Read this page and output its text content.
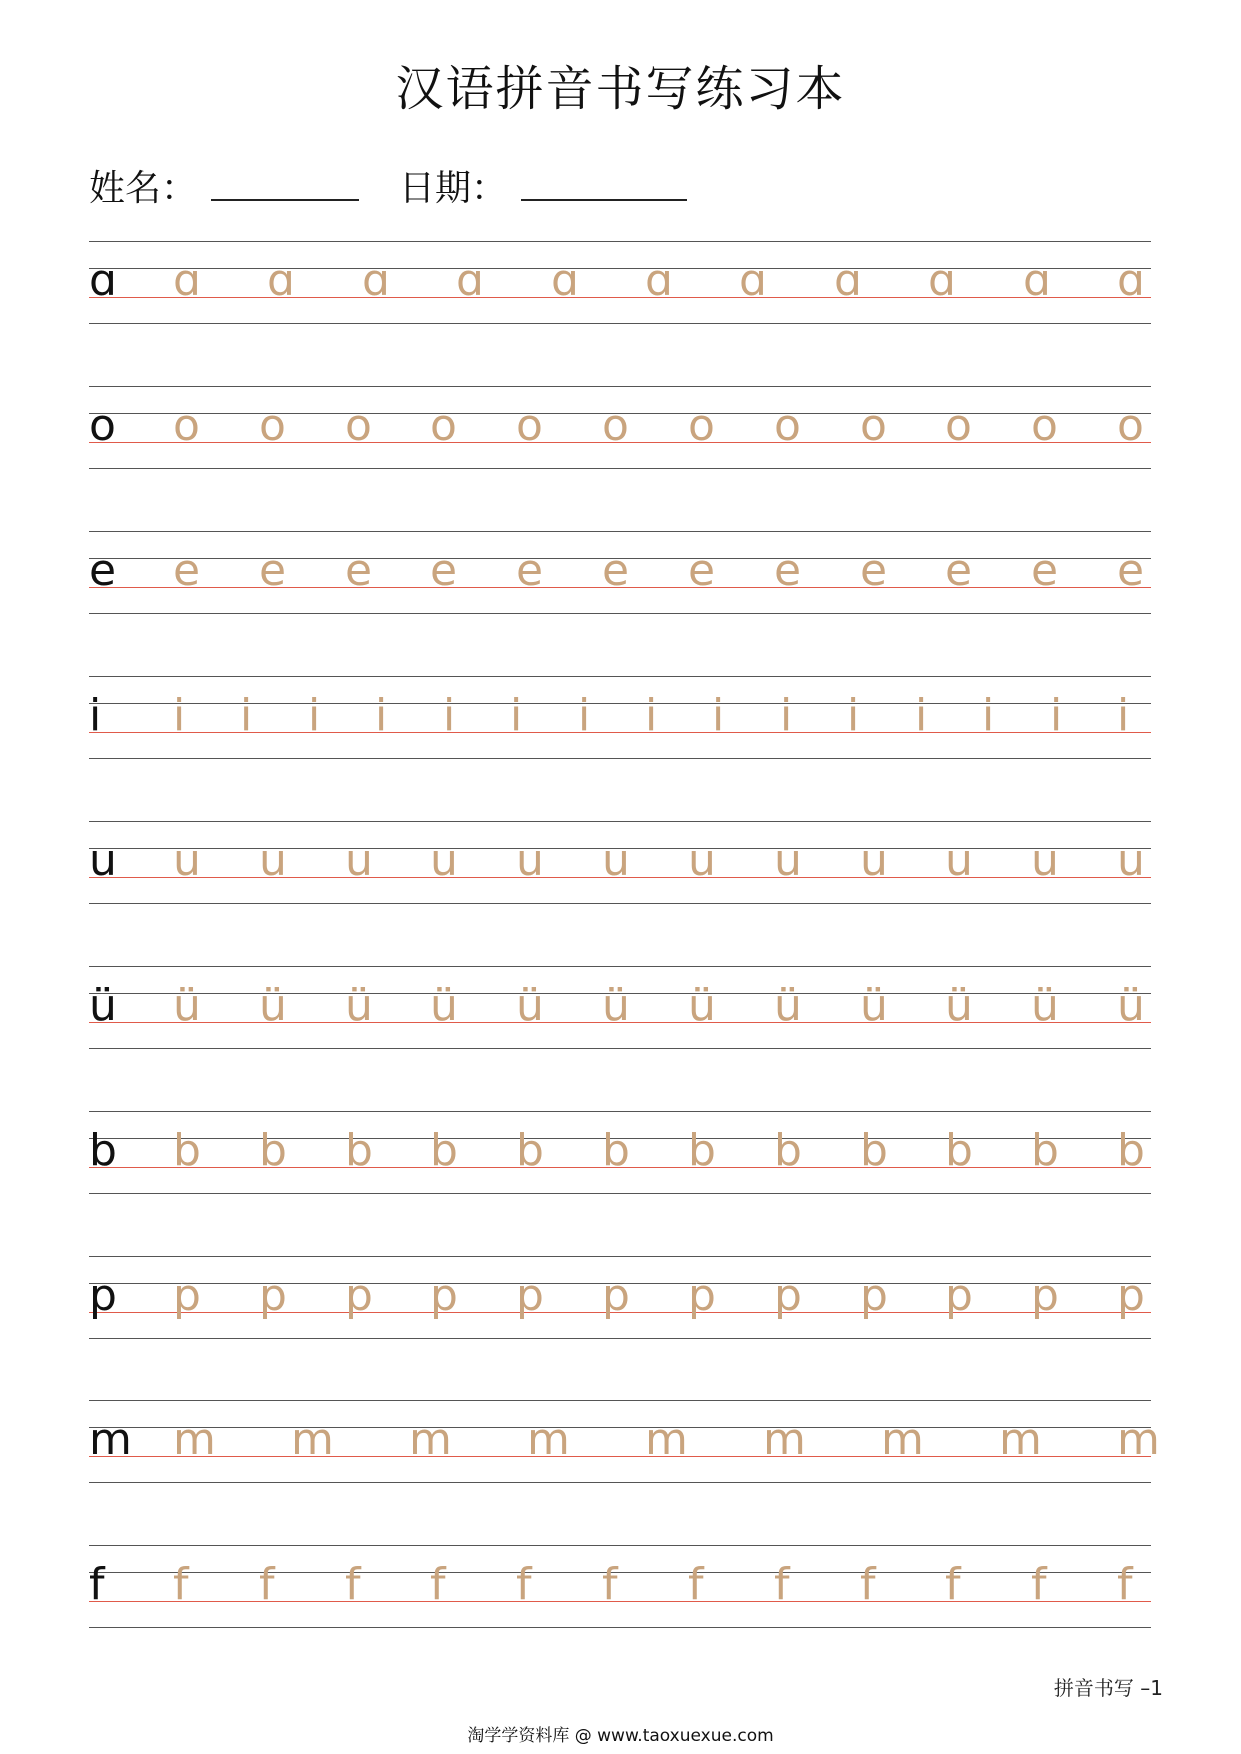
汉语拼音书写练习本
姓名：	日期：
ɑ ɑ ɑ ɑ ɑ ɑ ɑ ɑ ɑ ɑ ɑ ɑ
o o o o o o o o o o o o o
e e e e e e e e e e e e e
i i i i i i i i i i i i i i i i
u u u u u u u u u u u u u
ü ü ü ü ü ü ü ü ü ü ü ü ü
b b b b b b b b b b b b b
p p p p p p p p p p p p p
m m m m m m m m m m
f f f f f f f f f f f f f
拼音书写 –1
淘学学资料库 @ www.taoxuexue.com
